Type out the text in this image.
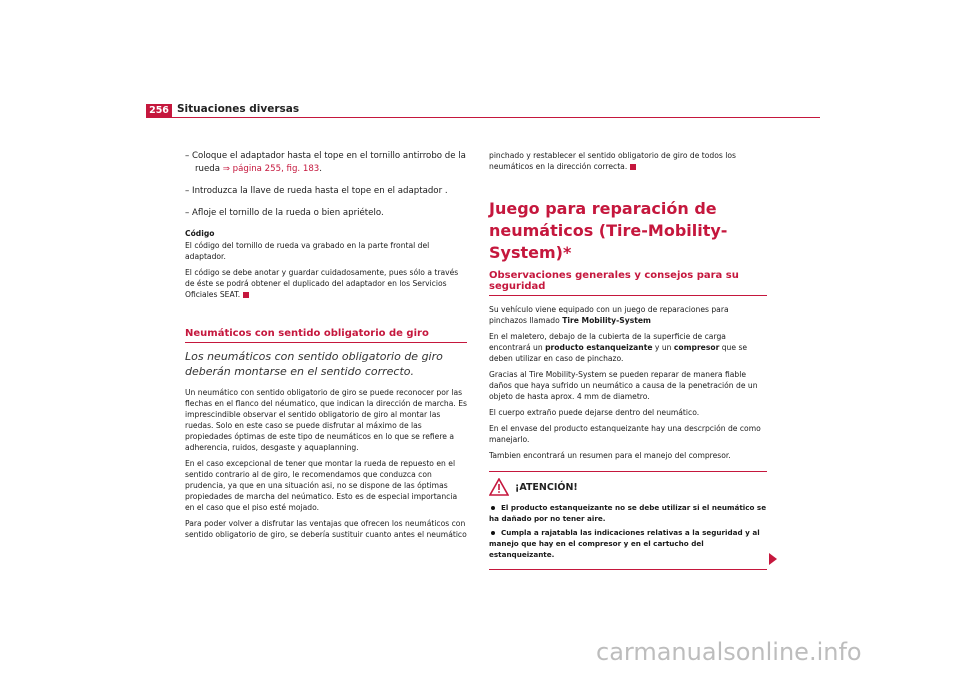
256 Situaciones diversas
– Coloque el adaptador hasta el tope en el tornillo antirrobo de la rueda ⇒ página 255, fig. 183.
– Introduzca la llave de rueda hasta el tope en el adaptador .
– Afloje el tornillo de la rueda o bien apriételo.
Código

El código del tornillo de rueda va grabado en la parte frontal del adaptador.

El código se debe anotar y guardar cuidadosamente, pues sólo a través de éste se podrá obtener el duplicado del adaptador en los Servicios Oficiales SEAT.

Neumáticos con sentido obligatorio de giro
Los neumáticos con sentido obligatorio de giro deberán montarse en el sentido correcto.

Un neumático con sentido obligatorio de giro se puede reconocer por las flechas en el flanco del néumatico, que indican la dirección de marcha. Es imprescindible observar el sentido obligatorio de giro al montar las ruedas. Solo en este caso se puede disfrutar al máximo de las propiedades óptimas de este tipo de neumáticos en lo que se refiere a adherencia, ruidos, desgaste y aquaplanning.

En el caso excepcional de tener que montar la rueda de repuesto en el sentido contrario al de giro, le recomendamos que conduzca con prudencia, ya que en una situación asi, no se dispone de las óptimas propiedades de marcha del neúmatico. Esto es de especial importancia en el caso que el piso esté mojado.

Para poder volver a disfrutar las ventajas que ofrecen los neumáticos con sentido obligatorio de giro, se debería sustituir cuanto antes el neumático

pinchado y restablecer el sentido obligatorio de giro de todos los neumáticos en la dirección correcta.

Juego para reparación de neumáticos (Tire-Mobility-System)*
Observaciones generales y consejos para su seguridad

Su vehículo viene equipado con un juego de reparaciones para pinchazos llamado Tire Mobility-System

En el maletero, debajo de la cubierta de la superficie de carga encontrará un producto estanqueizante y un compresor que se deben utilizar en caso de pinchazo.

Gracias al Tire Mobility-System se pueden reparar de manera fiable daños que haya sufrido un neumático a causa de la penetración de un objeto de hasta aprox. 4 mm de diametro.

El cuerpo extraño puede dejarse dentro del neumático.

En el envase del producto estanqueizante hay una descrpción de como manejarlo.

Tambien encontrará un resumen para el manejo del compresor.

¡ATENCIÓN!
El producto estanqueizante no se debe utilizar si el neumático se ha dañado por no tener aire.
Cumpla a rajatabla las indicaciones relativas a la seguridad y al manejo que hay en el compresor y en el cartucho del estanqueizante.
carmanualsonline.info
